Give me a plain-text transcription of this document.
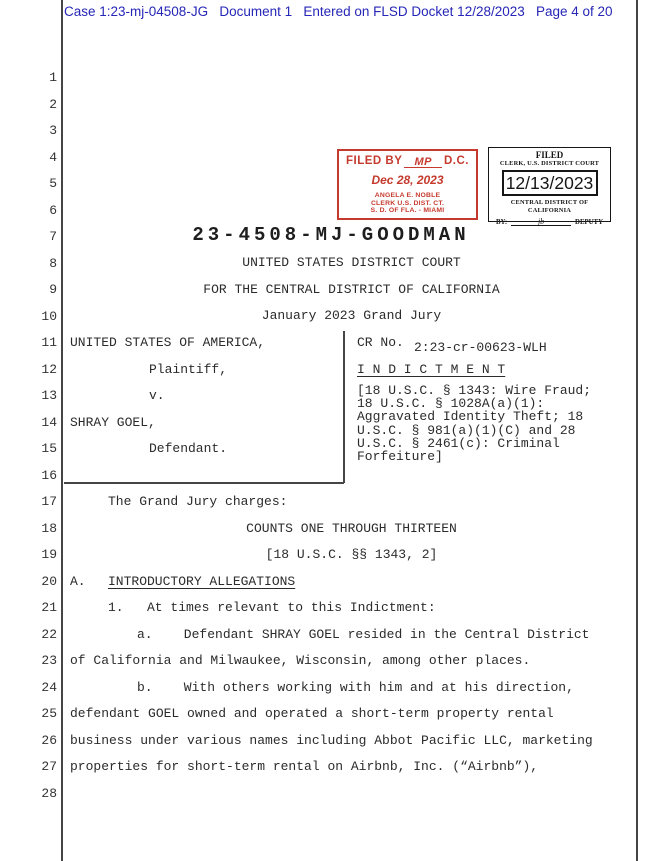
Case 1:23-mj-04508-JG   Document 1   Entered on FLSD Docket 12/28/2023   Page 4 of 20
1
2
3
4
5
6
7
8
9
10
11
12
13
14
15
16
17
18
19
20
21
22
23
24
25
26
27
28
FILED BY	MP	D.C.
Dec 28, 2023
ANGELA E. NOBLE
CLERK U.S. DIST. CT.
S. D. OF FLA. - MIAMI
FILED
CLERK, U.S. DISTRICT COURT
12/13/2023
CENTRAL DISTRICT OF CALIFORNIA
BY:	jb	DEPUTY
23-4508-MJ-GOODMAN
UNITED STATES DISTRICT COURT
FOR THE CENTRAL DISTRICT OF CALIFORNIA
January 2023 Grand Jury
UNITED STATES OF AMERICA,
Plaintiff,
v.
SHRAY GOEL,
Defendant.
CR No. 2:23-cr-00623-WLH
I N D I C T M E N T
[18 U.S.C. § 1343: Wire Fraud;
18 U.S.C. § 1028A(a)(1):
Aggravated Identity Theft; 18
U.S.C. § 981(a)(1)(C) and 28
U.S.C. § 2461(c): Criminal
Forfeiture]
The Grand Jury charges:
COUNTS ONE THROUGH THIRTEEN
[18 U.S.C. §§ 1343, 2]
A. INTRODUCTORY ALLEGATIONS
1.   At times relevant to this Indictment:
a.    Defendant SHRAY GOEL resided in the Central District
of California and Milwaukee, Wisconsin, among other places.
b.    With others working with him and at his direction,
defendant GOEL owned and operated a short-term property rental
business under various names including Abbot Pacific LLC, marketing
properties for short-term rental on Airbnb, Inc. (“Airbnb”),
